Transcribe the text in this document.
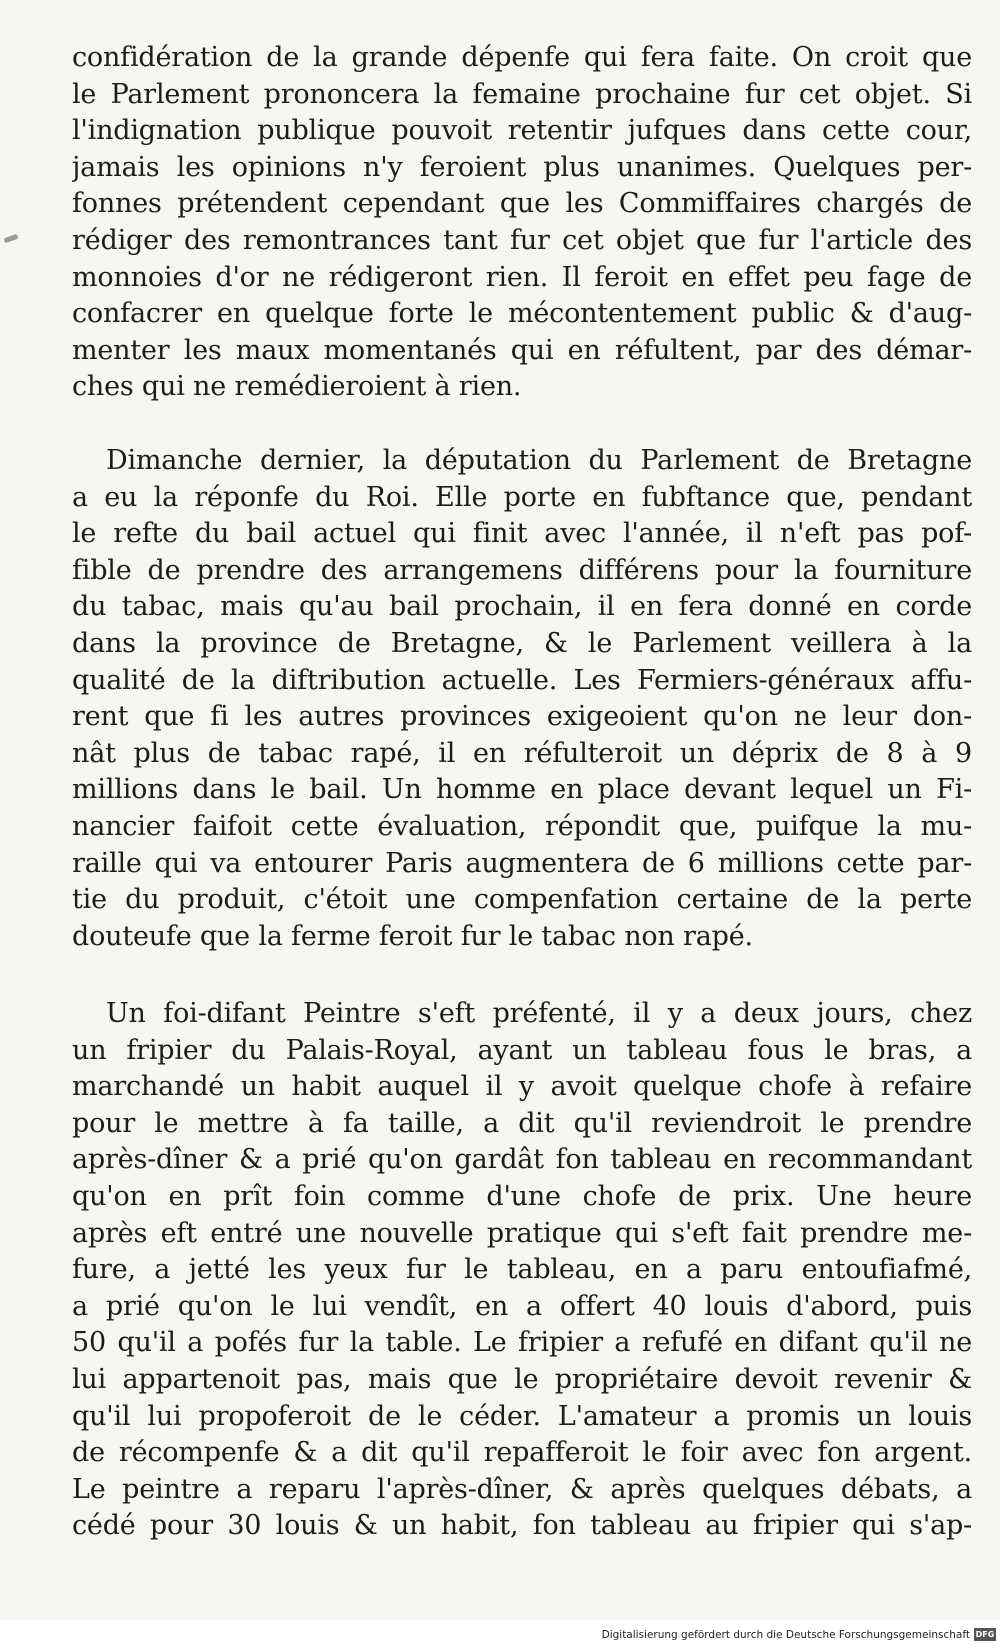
confidération de la grande dépenfe qui fera faite. On croit que
le Parlement prononcera la femaine prochaine fur cet objet. Si
l'indignation publique pouvoit retentir jufques dans cette cour,
jamais les opinions n'y feroient plus unanimes. Quelques per-
fonnes prétendent cependant que les Commiffaires chargés de
rédiger des remontrances tant fur cet objet que fur l'article des
monnoies d'or ne rédigeront rien. Il feroit en effet peu fage de
confacrer en quelque forte le mécontentement public & d'aug-
menter les maux momentanés qui en réfultent, par des démar-
ches qui ne remédieroient à rien.
Dimanche dernier, la députation du Parlement de Bretagne
a eu la réponfe du Roi. Elle porte en fubftance que, pendant
le refte du bail actuel qui finit avec l'année, il n'eft pas pof-
fible de prendre des arrangemens différens pour la fourniture
du tabac, mais qu'au bail prochain, il en fera donné en corde
dans la province de Bretagne, & le Parlement veillera à la
qualité de la diftribution actuelle. Les Fermiers-généraux affu-
rent que fi les autres provinces exigeoient qu'on ne leur don-
nât plus de tabac rapé, il en réfulteroit un déprix de 8 à 9
millions dans le bail. Un homme en place devant lequel un Fi-
nancier faifoit cette évaluation, répondit que, puifque la mu-
raille qui va entourer Paris augmentera de 6 millions cette par-
tie du produit, c'étoit une compenfation certaine de la perte
douteufe que la ferme feroit fur le tabac non rapé.
Un foi-difant Peintre s'eft préfenté, il y a deux jours, chez
un fripier du Palais-Royal, ayant un tableau fous le bras, a
marchandé un habit auquel il y avoit quelque chofe à refaire
pour le mettre à fa taille, a dit qu'il reviendroit le prendre
après-dîner & a prié qu'on gardât fon tableau en recommandant
qu'on en prît foin comme d'une chofe de prix. Une heure
après eft entré une nouvelle pratique qui s'eft fait prendre me-
fure, a jetté les yeux fur le tableau, en a paru entoufiafmé,
a prié qu'on le lui vendît, en a offert 40 louis d'abord, puis
50 qu'il a pofés fur la table. Le fripier a refufé en difant qu'il ne
lui appartenoit pas, mais que le propriétaire devoit revenir &
qu'il lui propoferoit de le céder. L'amateur a promis un louis
de récompenfe & a dit qu'il repafferoit le foir avec fon argent.
Le peintre a reparu l'après-dîner, & après quelques débats, a
cédé pour 30 louis & un habit, fon tableau au fripier qui s'ap-
Digitalisierung gefördert durch die Deutsche Forschungsgemeinschaft DFG
